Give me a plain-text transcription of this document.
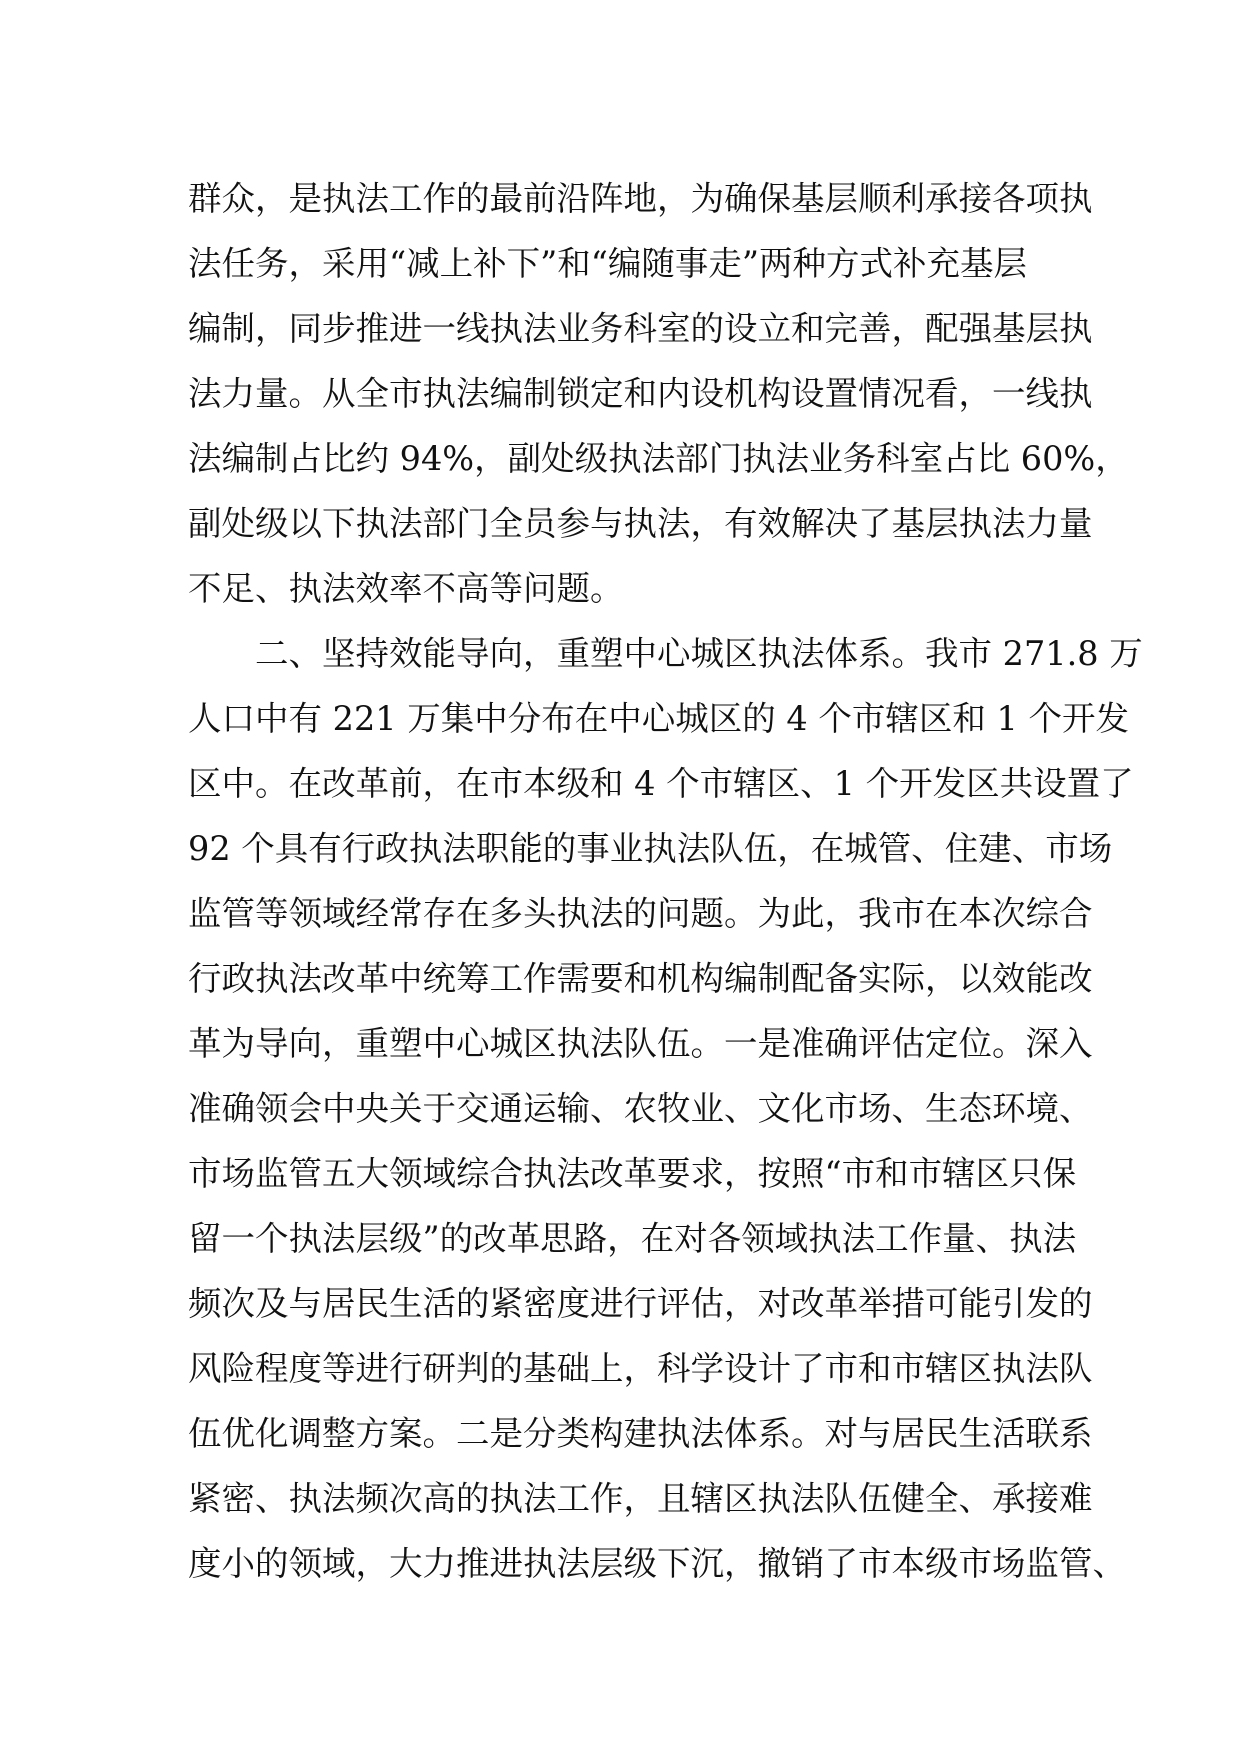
群众，是执法工作的最前沿阵地，为确保基层顺利承接各项执
法任务，采用“减上补下”和“编随事走”两种方式补充基层
编制，同步推进一线执法业务科室的设立和完善，配强基层执
法力量。从全市执法编制锁定和内设机构设置情况看，一线执
法编制占比约 94%，副处级执法部门执法业务科室占比 60%，
副处级以下执法部门全员参与执法，有效解决了基层执法力量
不足、执法效率不高等问题。
二、坚持效能导向，重塑中心城区执法体系。我市 271.8 万
人口中有 221 万集中分布在中心城区的 4 个市辖区和 1 个开发
区中。在改革前，在市本级和 4 个市辖区、1 个开发区共设置了
92 个具有行政执法职能的事业执法队伍，在城管、住建、市场
监管等领域经常存在多头执法的问题。为此，我市在本次综合
行政执法改革中统筹工作需要和机构编制配备实际，以效能改
革为导向，重塑中心城区执法队伍。一是准确评估定位。深入
准确领会中央关于交通运输、农牧业、文化市场、生态环境、
市场监管五大领域综合执法改革要求，按照“市和市辖区只保
留一个执法层级”的改革思路，在对各领域执法工作量、执法
频次及与居民生活的紧密度进行评估，对改革举措可能引发的
风险程度等进行研判的基础上，科学设计了市和市辖区执法队
伍优化调整方案。二是分类构建执法体系。对与居民生活联系
紧密、执法频次高的执法工作，且辖区执法队伍健全、承接难
度小的领域，大力推进执法层级下沉，撤销了市本级市场监管、
